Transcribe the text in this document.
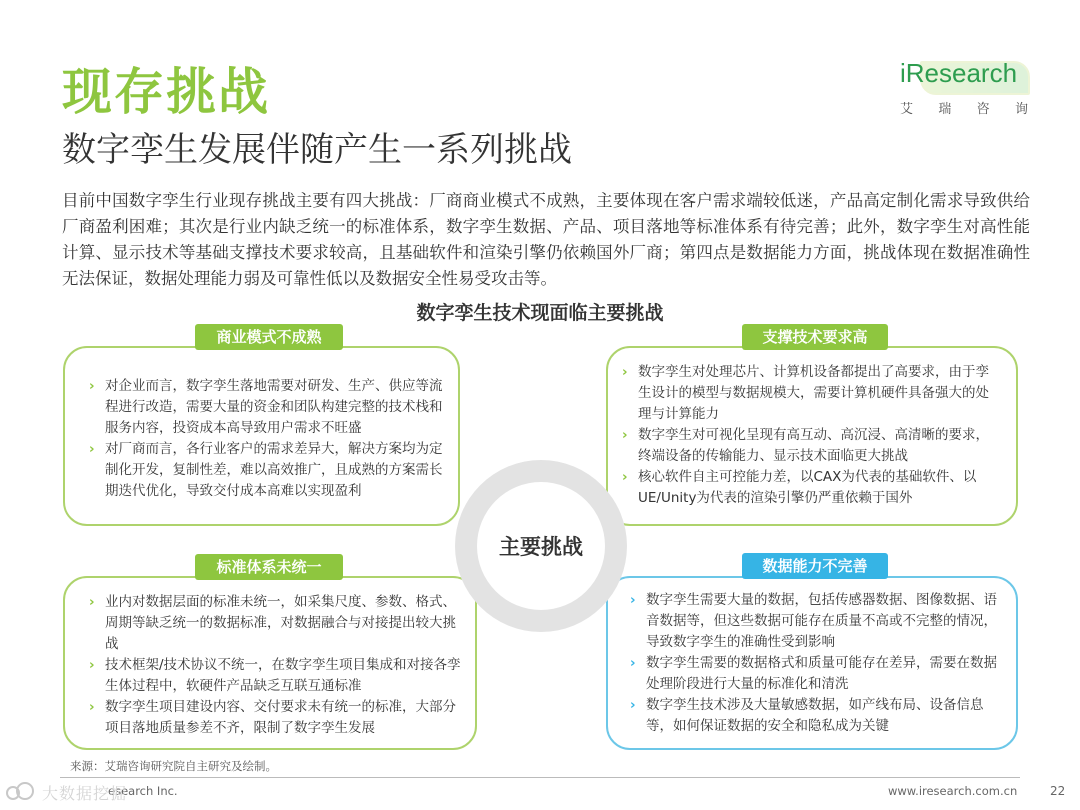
现存挑战
数字孪生发展伴随产生一系列挑战
iResearch
艾 瑞 咨 询
目前中国数字孪生行业现存挑战主要有四大挑战：厂商商业模式不成熟，主要体现在客户需求端较低迷，产品高定制化需求导致供给厂商盈利困难；其次是行业内缺乏统一的标准体系，数字孪生数据、产品、项目落地等标准体系有待完善；此外，数字孪生对高性能计算、显示技术等基础支撑技术要求较高，且基础软件和渲染引擎仍依赖国外厂商；第四点是数据能力方面，挑战体现在数据准确性无法保证，数据处理能力弱及可靠性低以及数据安全性易受攻击等。
数字孪生技术现面临主要挑战
› 对企业而言，数字孪生落地需要对研发、生产、供应等流程进行改造，需要大量的资金和团队构建完整的技术栈和服务内容，投资成本高导致用户需求不旺盛
› 对厂商而言，各行业客户的需求差异大，解决方案均为定制化开发，复制性差，难以高效推广，且成熟的方案需长期迭代优化，导致交付成本高难以实现盈利
商业模式不成熟
› 数字孪生对处理芯片、计算机设备都提出了高要求，由于孪生设计的模型与数据规模大，需要计算机硬件具备强大的处理与计算能力
› 数字孪生对可视化呈现有高互动、高沉浸、高清晰的要求，终端设备的传输能力、显示技术面临更大挑战
› 核心软件自主可控能力差，以CAX为代表的基础软件、以UE/Unity为代表的渲染引擎仍严重依赖于国外
支撑技术要求高
› 业内对数据层面的标准未统一，如采集尺度、参数、格式、周期等缺乏统一的数据标准，对数据融合与对接提出较大挑战
› 技术框架/技术协议不统一，在数字孪生项目集成和对接各孪生体过程中，软硬件产品缺乏互联互通标准
› 数字孪生项目建设内容、交付要求未有统一的标准，大部分项目落地质量参差不齐，限制了数字孪生发展
标准体系未统一
› 数字孪生需要大量的数据，包括传感器数据、图像数据、语音数据等，但这些数据可能存在质量不高或不完整的情况，导致数字孪生的准确性受到影响
› 数字孪生需要的数据格式和质量可能存在差异，需要在数据处理阶段进行大量的标准化和清洗
› 数字孪生技术涉及大量敏感数据，如产线布局、设备信息等，如何保证数据的安全和隐私成为关键
数据能力不完善
主要挑战
来源：艾瑞咨询研究院自主研究及绘制。
esearch Inc.	www.iresearch.com.cn	22
大数据挖掘
